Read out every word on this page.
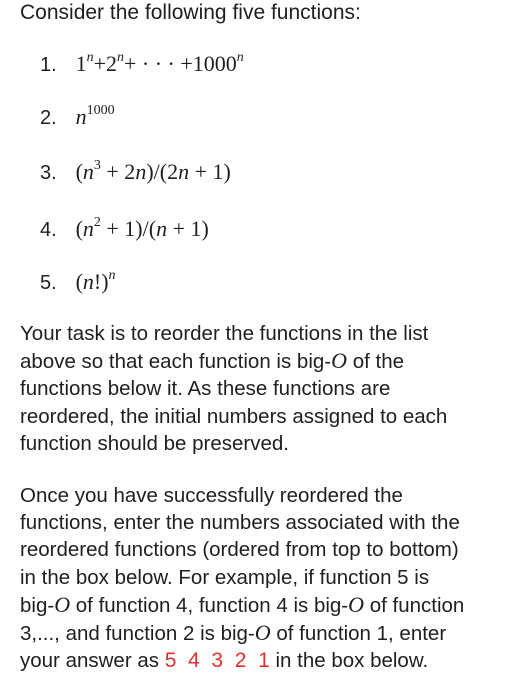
Consider the following five functions:
1. $1^n+2^n+$ · · · $+1000^n$
2. $n^{1000}$
3. $(n^3 + 2n)/(2n + 1)$
4. $(n^2 + 1)/(n + 1)$
5. $(n!)^n$
Your task is to reorder the functions in the list
above so that each function is big-O of the
functions below it. As these functions are
reordered, the initial numbers assigned to each
function should be preserved.
Once you have successfully reordered the
functions, enter the numbers associated with the
reordered functions (ordered from top to bottom)
in the box below. For example, if function 5 is
big-O of function 4, function 4 is big-O of function
3,..., and function 2 is big-O of function 1, enter
your answer as 5  4  3  2  1 in the box below.
